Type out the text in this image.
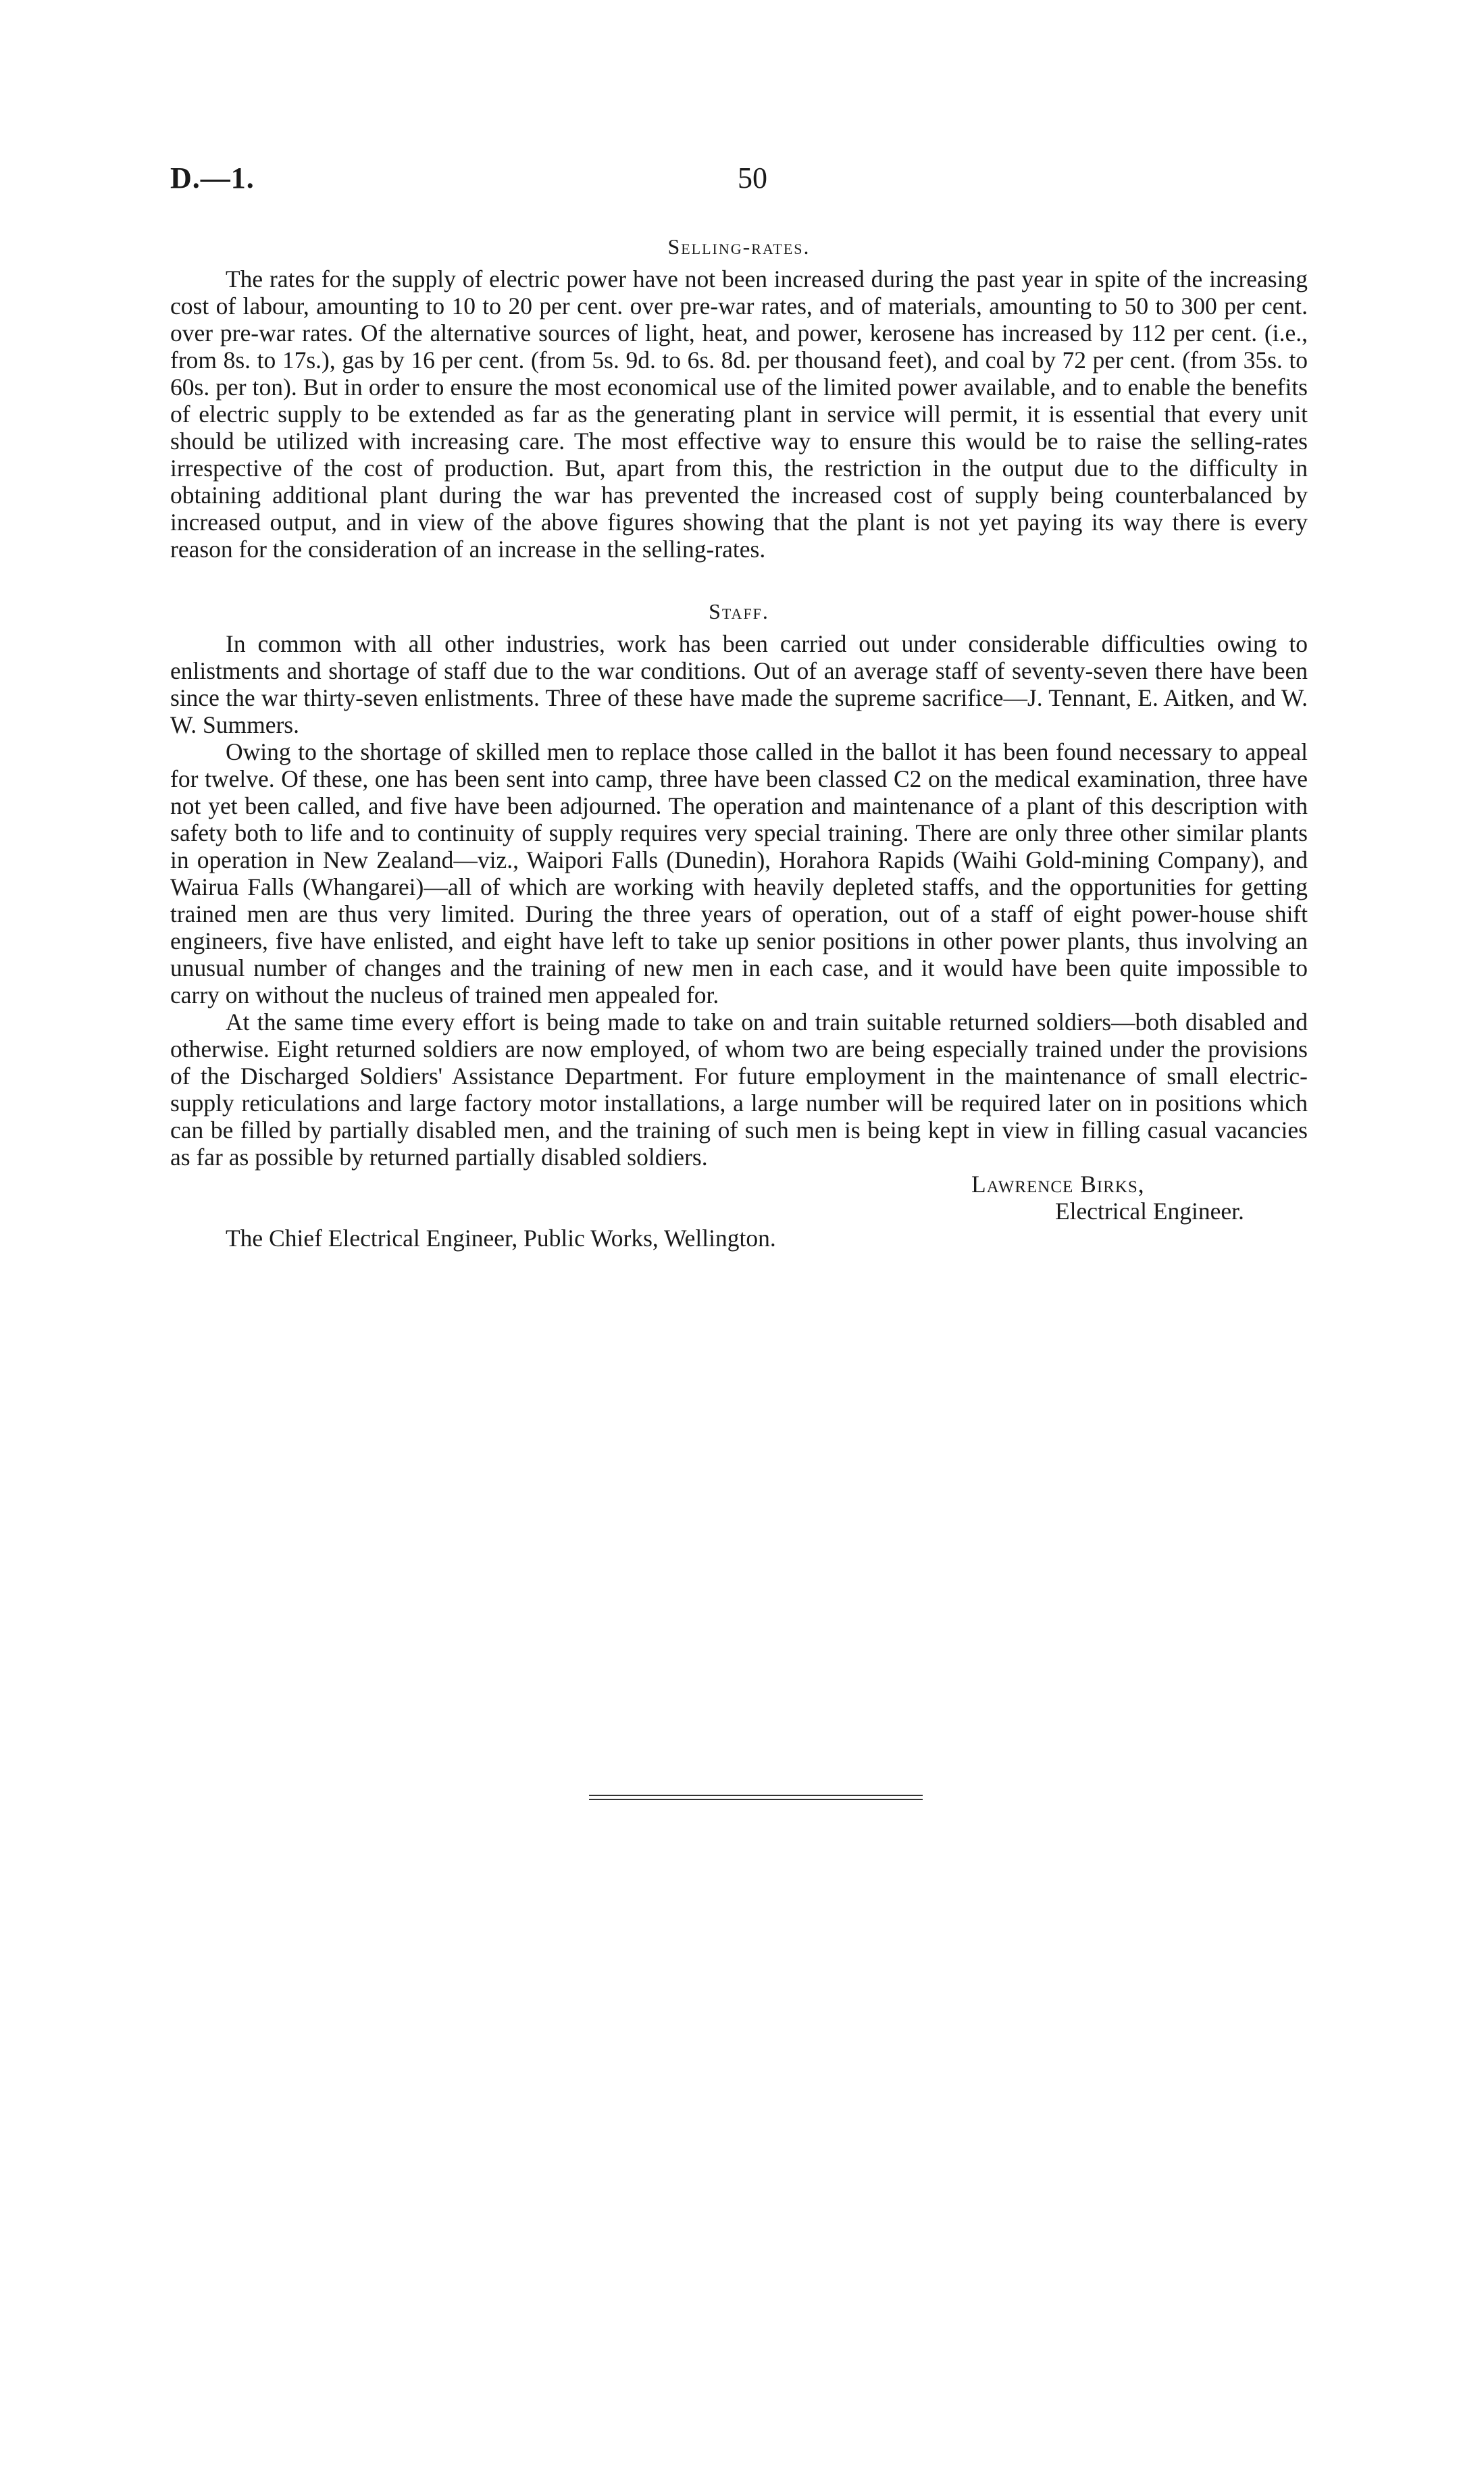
D.—1.	50
Selling-rates.

The rates for the supply of electric power have not been increased during the past year in spite of the increasing cost of labour, amounting to 10 to 20 per cent. over pre-war rates, and of materials, amounting to 50 to 300 per cent. over pre-war rates. Of the alternative sources of light, heat, and power, kerosene has increased by 112 per cent. (i.e., from 8s. to 17s.), gas by 16 per cent. (from 5s. 9d. to 6s. 8d. per thousand feet), and coal by 72 per cent. (from 35s. to 60s. per ton). But in order to ensure the most economical use of the limited power available, and to enable the benefits of electric supply to be extended as far as the generating plant in service will permit, it is essential that every unit should be utilized with increasing care. The most effective way to ensure this would be to raise the selling-rates irrespective of the cost of production. But, apart from this, the restriction in the output due to the difficulty in obtaining additional plant during the war has prevented the increased cost of supply being counterbalanced by increased output, and in view of the above figures showing that the plant is not yet paying its way there is every reason for the consideration of an increase in the selling-rates.

Staff.

In common with all other industries, work has been carried out under considerable difficulties owing to enlistments and shortage of staff due to the war conditions. Out of an average staff of seventy-seven there have been since the war thirty-seven enlistments. Three of these have made the supreme sacrifice—J. Tennant, E. Aitken, and W. W. Summers.

Owing to the shortage of skilled men to replace those called in the ballot it has been found necessary to appeal for twelve. Of these, one has been sent into camp, three have been classed C2 on the medical examination, three have not yet been called, and five have been adjourned. The operation and maintenance of a plant of this description with safety both to life and to continuity of supply requires very special training. There are only three other similar plants in operation in New Zealand—viz., Waipori Falls (Dunedin), Horahora Rapids (Waihi Gold-mining Company), and Wairua Falls (Whangarei)—all of which are working with heavily depleted staffs, and the opportunities for getting trained men are thus very limited. During the three years of operation, out of a staff of eight power-house shift engineers, five have enlisted, and eight have left to take up senior positions in other power plants, thus involving an unusual number of changes and the training of new men in each case, and it would have been quite impossible to carry on without the nucleus of trained men appealed for.

At the same time every effort is being made to take on and train suitable returned soldiers—both disabled and otherwise. Eight returned soldiers are now employed, of whom two are being especially trained under the provisions of the Discharged Soldiers' Assistance Department. For future employment in the maintenance of small electric-supply reticulations and large factory motor installations, a large number will be required later on in positions which can be filled by partially disabled men, and the training of such men is being kept in view in filling casual vacancies as far as possible by returned partially disabled soldiers.

Lawrence Birks,
Electrical Engineer.
The Chief Electrical Engineer, Public Works, Wellington.
